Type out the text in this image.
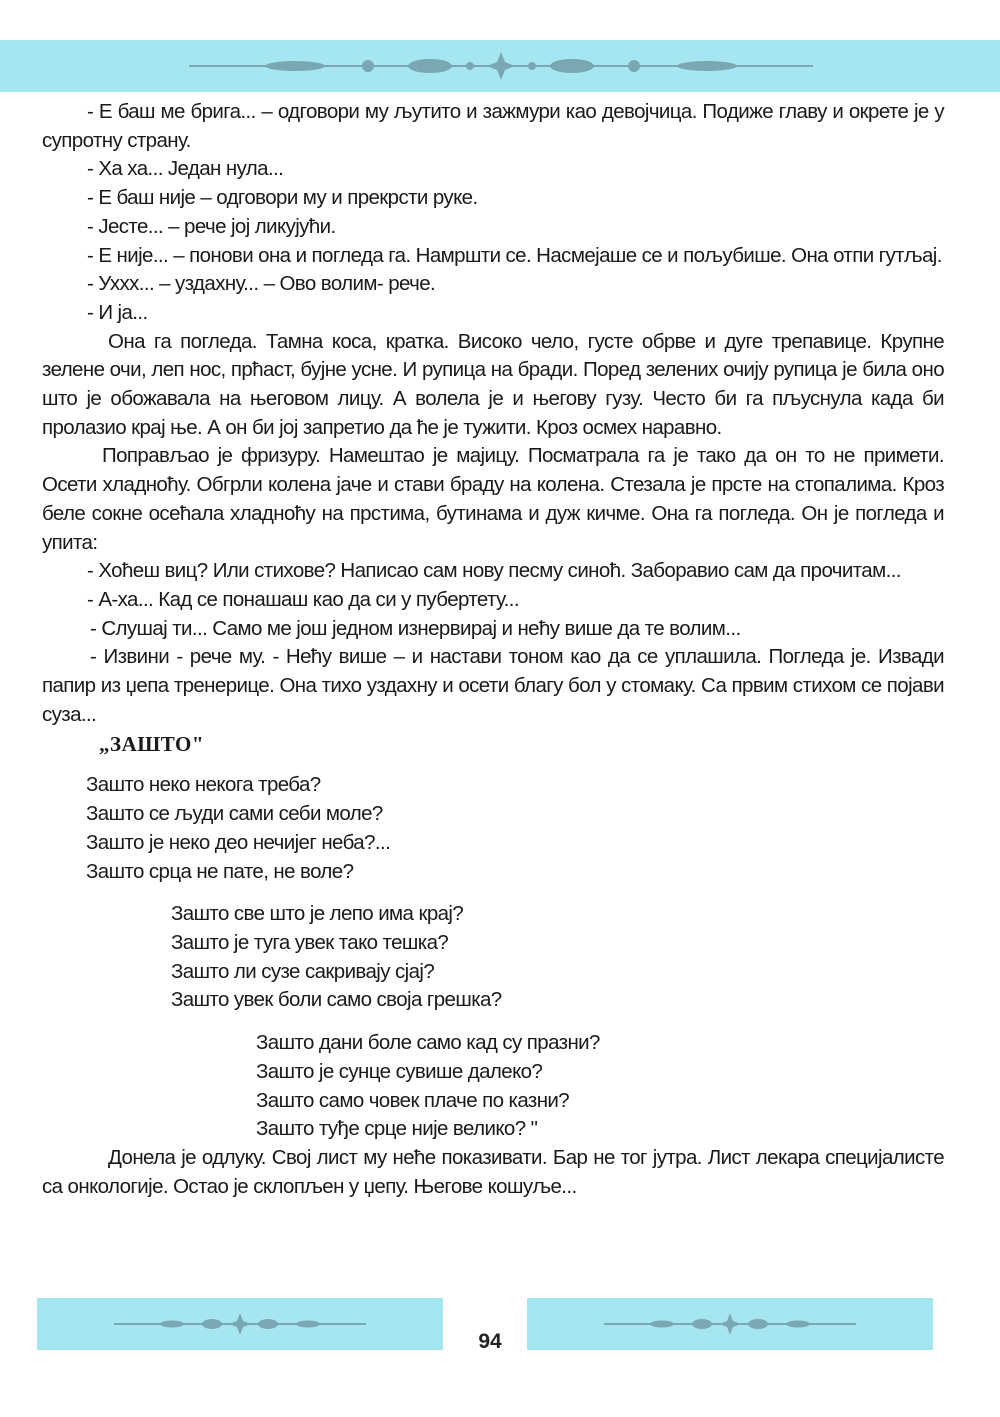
- Е баш ме брига... – одговори му љутито и зажмури као девојчица. Подиже главу и окрете је у супротну страну.

- Ха ха... Један нула...

- Е баш није – одговори му и прекрсти руке.

- Јесте... – рече јој ликујући.

- Е није... – понови она и погледа га. Намршти се. Насмејаше се и пољубише. Она отпи гутљај.

- Ухxx... – уздахну... – Ово волим- рече.

- И ја...

Она га погледа. Тамна коса, кратка. Високо чело, густе обрве и дуге трепавице. Крупне зелене очи, леп нос, прћаст, бујне усне. И рупица на бради. Поред зелених очију рупица је била оно што је обожавала на његовом лицу. А волела је и његову гузу. Често би га пљуснула када би пролазио крај ње. А он би јој запретио да ће је тужити. Кроз осмех наравно.

Поправљао је фризуру. Намештао је мајицу. Посматрала га је тако да он то не примети. Осети хладноћу. Обгрли колена јаче и стави браду на колена. Стезала је прсте на стопалима. Кроз беле сокне осећала хладноћу на прстима, бутинама и дуж кичме. Она га погледа. Он је погледа и упита:

- Хоћеш виц? Или стихове? Написао сам нову песму синоћ. Заборавио сам да прочитам...

- А-ха... Кад се понашаш као да си у пубертету...

- Слушај ти... Само ме још једном изнервирај и нећу више да те волим...

- Извини - рече му. - Нећу више – и настави тоном као да се уплашила. Погледа је. Извади папир из џепа тренерице. Она тихо уздахну и осети благу бол у стомаку. Са првим стихом се појави суза...

„ЗАШТО"

Зашто неко некога треба?

Зашто се људи сами себи моле?

Зашто је неко део нечијег неба?...

Зашто срца не пате, не воле?

Зашто све што је лепо има крај?

Зашто је туга увек тако тешка?

Зашто ли сузе сакривају сјај?

Зашто увек боли само своја грешка?

Зашто дани боле само кад су празни?

Зашто је сунце сувише далеко?

Зашто само човек плаче по казни?

Зашто туђе срце није велико? "

Донела је одлуку. Свој лист му неће показивати. Бар не тог јутра. Лист лекара специјалисте са онкологије. Остао је склопљен у џепу. Његове кошуље...

94
